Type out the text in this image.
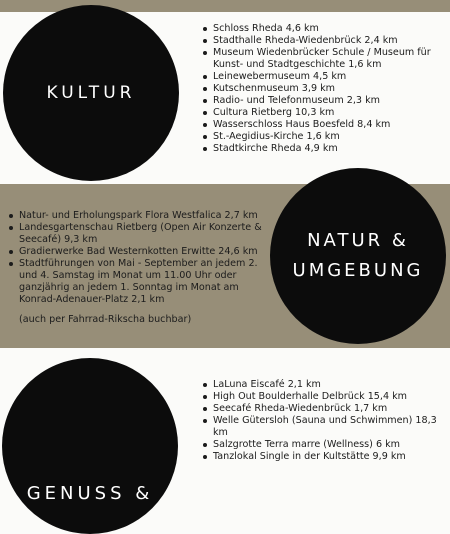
KULTUR
Schloss Rheda 4,6 km
Stadthalle Rheda-Wiedenbrück 2,4 km
Museum Wiedenbrücker Schule / Museum für Kunst- und Stadtgeschichte 1,6 km
Leinewebermuseum 4,5 km
Kutschenmuseum 3,9 km
Radio- und Telefonmuseum 2,3 km
Cultura Rietberg 10,3 km
Wasserschloss Haus Boesfeld 8,4 km
St.-Aegidius-Kirche 1,6 km
Stadtkirche Rheda 4,9 km
Natur- und Erholungspark Flora Westfalica 2,7 km
Landesgartenschau Rietberg (Open Air Konzerte & Seecafé) 9,3 km
Gradierwerke Bad Westernkotten Erwitte 24,6 km
Stadtführungen von Mai - September an jedem 2. und 4. Samstag im Monat um 11.00 Uhr oder ganzjährig an jedem 1. Sonntag im Monat am Konrad-Adenauer-Platz 2,1 km
(auch per Fahrrad-Rikscha buchbar)
NATUR &
UMGEBUNG
GENUSS &
LaLuna Eiscafé 2,1 km
High Out Boulderhalle Delbrück 15,4 km
Seecafé Rheda-Wiedenbrück 1,7 km
Welle Gütersloh (Sauna und Schwimmen) 18,3 km
Salzgrotte Terra marre (Wellness) 6 km
Tanzlokal Single in der Kultstätte 9,9 km
